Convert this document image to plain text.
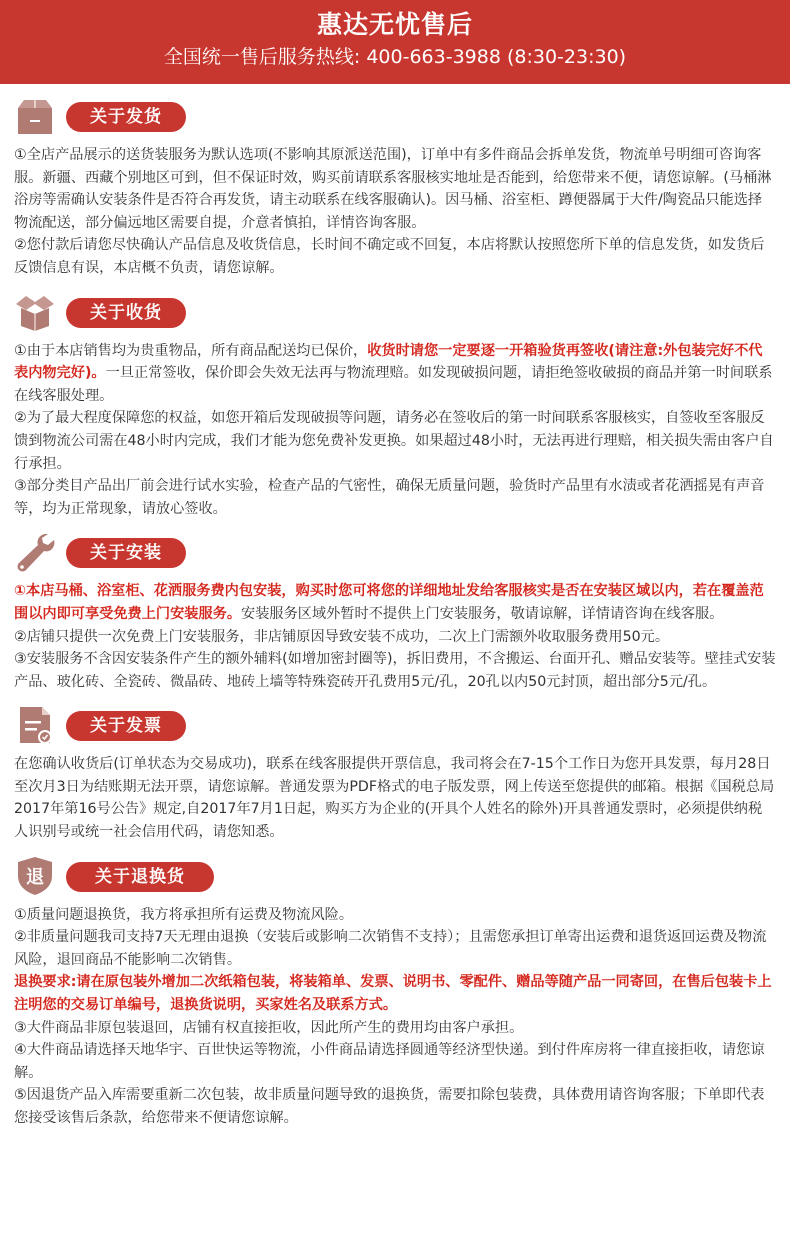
惠达无忧售后

全国统一售后服务热线: 400-663-3988 (8:30-23:30)

关于发货

①全店产品展示的送货装服务为默认选项(不影响其原派送范围)，订单中有多件商品会拆单发货，物流单号明细可咨询客服。新疆、西藏个别地区可到，但不保证时效，购买前请联系客服核实地址是否能到，给您带来不便，请您谅解。(马桶淋浴房等需确认安装条件是否符合再发货，请主动联系在线客服确认)。因马桶、浴室柜、蹲便器属于大件/陶瓷品只能选择物流配送，部分偏远地区需要自提，介意者慎拍，详情咨询客服。

②您付款后请您尽快确认产品信息及收货信息，长时间不确定或不回复，本店将默认按照您所下单的信息发货，如发货后反馈信息有误，本店概不负责，请您谅解。

关于收货

①由于本店销售均为贵重物品，所有商品配送均已保价，收货时请您一定要逐一开箱验货再签收(请注意:外包装完好不代表内物完好)。一旦正常签收，保价即会失效无法再与物流理赔。如发现破损问题，请拒绝签收破损的商品并第一时间联系在线客服处理。

②为了最大程度保障您的权益，如您开箱后发现破损等问题，请务必在签收后的第一时间联系客服核实，自签收至客服反馈到物流公司需在48小时内完成，我们才能为您免费补发更换。如果超过48小时，无法再进行理赔，相关损失需由客户自行承担。

③部分类目产品出厂前会进行试水实验，检查产品的气密性，确保无质量问题，验货时产品里有水渍或者花洒摇晃有声音等，均为正常现象，请放心签收。

关于安装

①本店马桶、浴室柜、花洒服务费内包安装，购买时您可将您的详细地址发给客服核实是否在安装区域以内，若在覆盖范围以内即可享受免费上门安装服务。安装服务区域外暂时不提供上门安装服务，敬请谅解，详情请咨询在线客服。

②店铺只提供一次免费上门安装服务，非店铺原因导致安装不成功，二次上门需额外收取服务费用50元。

③安装服务不含因安装条件产生的额外辅料(如增加密封圈等)，拆旧费用，不含搬运、台面开孔、赠品安装等。壁挂式安装产品、玻化砖、全瓷砖、微晶砖、地砖上墙等特殊瓷砖开孔费用5元/孔，20孔以内50元封顶，超出部分5元/孔。

关于发票

在您确认收货后(订单状态为交易成功)，联系在线客服提供开票信息，我司将会在7-15个工作日为您开具发票，每月28日至次月3日为结账期无法开票，请您谅解。普通发票为PDF格式的电子版发票，网上传送至您提供的邮箱。根据《国税总局2017年第16号公告》规定,自2017年7月1日起，购买方为企业的(开具个人姓名的除外)开具普通发票时，必须提供纳税人识别号或统一社会信用代码，请您知悉。

退	关于退换货

①质量问题退换货，我方将承担所有运费及物流风险。

②非质量问题我司支持7天无理由退换（安装后或影响二次销售不支持）；且需您承担订单寄出运费和退货返回运费及物流风险，退回商品不能影响二次销售。

退换要求:请在原包装外增加二次纸箱包装，将装箱单、发票、说明书、零配件、赠品等随产品一同寄回，在售后包装卡上注明您的交易订单编号，退换货说明，买家姓名及联系方式。

③大件商品非原包装退回，店铺有权直接拒收，因此所产生的费用均由客户承担。

④大件商品请选择天地华宇、百世快运等物流，小件商品请选择圆通等经济型快递。到付件库房将一律直接拒收，请您谅解。

⑤因退货产品入库需要重新二次包装，故非质量问题导致的退换货，需要扣除包装费，具体费用请咨询客服；下单即代表您接受该售后条款，给您带来不便请您谅解。
